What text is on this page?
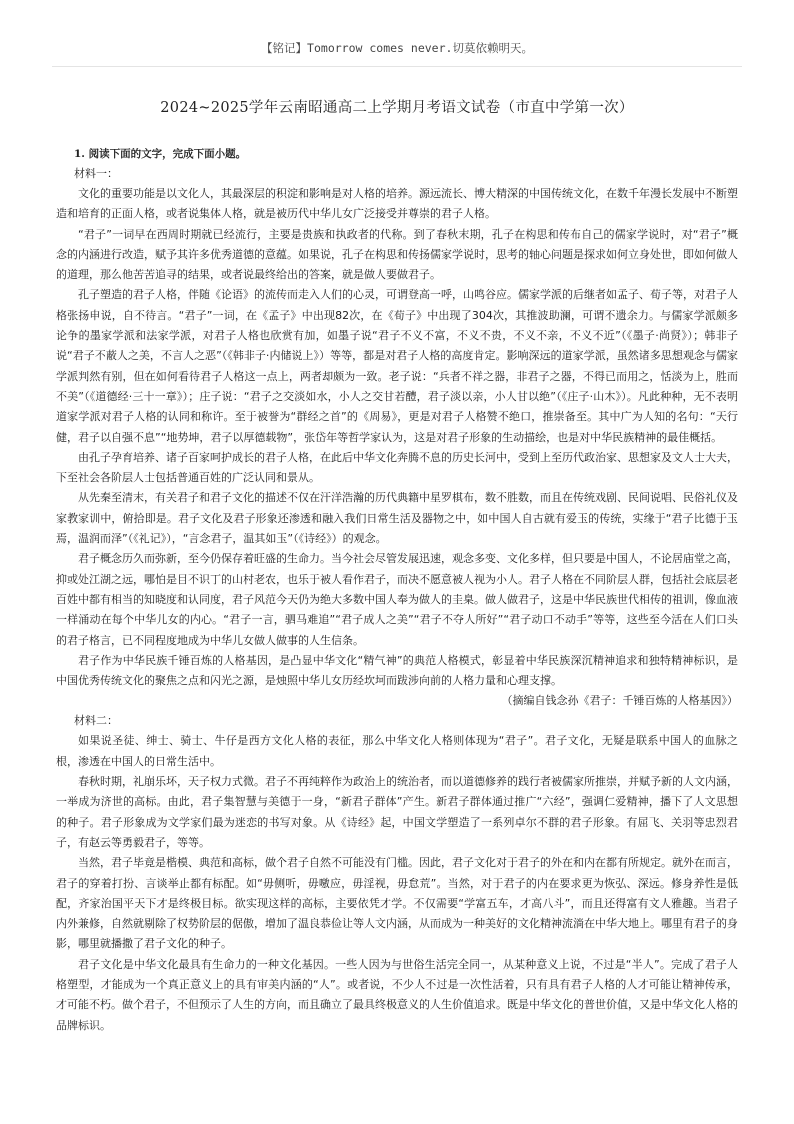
【铭记】Tomorrow comes never.切莫依赖明天。
2024~2025学年云南昭通高二上学期月考语文试卷（市直中学第一次）
1. 阅读下面的文字，完成下面小题。
材料一：

文化的重要功能是以文化人，其最深层的积淀和影响是对人格的培养。源远流长、博大精深的中国传统文化，在数千年漫长发展中不断塑造和培育的正面人格，或者说集体人格，就是被历代中华儿女广泛接受并尊崇的君子人格。

“君子”一词早在西周时期就已经流行，主要是贵族和执政者的代称。到了春秋末期，孔子在构思和传布自己的儒家学说时，对“君子”概念的内涵进行改造，赋予其许多优秀道德的意蕴。如果说，孔子在构思和传扬儒家学说时，思考的轴心问题是探求如何立身处世，即如何做人的道理，那么他苦苦追寻的结果，或者说最终给出的答案，就是做人要做君子。

孔子塑造的君子人格，伴随《论语》的流传而走入人们的心灵，可谓登高一呼，山鸣谷应。儒家学派的后继者如孟子、荀子等，对君子人格张扬申说，自不待言。“君子”一词，在《孟子》中出现82次，在《荀子》中出现了304次，其推波助澜，可谓不遗余力。与儒家学派颇多论争的墨家学派和法家学派，对君子人格也欣赏有加，如墨子说“君子不义不富，不义不贵，不义不亲，不义不近”（《墨子·尚贤》）；韩非子说“君子不蔽人之美，不言人之恶”（《韩非子·内储说上》）等等，都是对君子人格的高度肯定。影响深远的道家学派，虽然诸多思想观念与儒家学派判然有别，但在如何看待君子人格这一点上，两者却颇为一致。老子说：“兵者不祥之器，非君子之器，不得已而用之，恬淡为上，胜而不美”（《道德经·三十一章》）；庄子说：“君子之交淡如水，小人之交甘若醴，君子淡以亲，小人甘以绝”（《庄子·山木》）。凡此种种，无不表明道家学派对君子人格的认同和称许。至于被誉为“群经之首”的《周易》，更是对君子人格赞不绝口，推崇备至。其中广为人知的名句：“天行健，君子以自强不息”“地势坤，君子以厚德载物”，张岱年等哲学家认为，这是对君子形象的生动描绘，也是对中华民族精神的最佳概括。

由孔子孕育培养、诸子百家呵护成长的君子人格，在此后中华文化奔腾不息的历史长河中，受到上至历代政治家、思想家及文人士大夫，下至社会各阶层人士包括普通百姓的广泛认同和景从。

从先秦至清末，有关君子和君子文化的描述不仅在汗洋浩瀚的历代典籍中星罗棋布，数不胜数，而且在传统戏剧、民间说唱、民俗礼仪及家教家训中，俯拾即是。君子文化及君子形象还渗透和融入我们日常生活及器物之中，如中国人自古就有爱玉的传统，实缘于“君子比德于玉焉，温润而泽”（《礼记》），“言念君子，温其如玉”（《诗经》）的观念。

君子概念历久而弥新，至今仍保存着旺盛的生命力。当今社会尽管发展迅速，观念多变、文化多样，但只要是中国人，不论居庙堂之高，抑或处江湖之远，哪怕是目不识丁的山村老农，也乐于被人看作君子，而决不愿意被人视为小人。君子人格在不同阶层人群，包括社会底层老百姓中都有相当的知晓度和认同度，君子风范今天仍为绝大多数中国人奉为做人的圭臬。做人做君子，这是中华民族世代相传的祖训，像血液一样涌动在每个中华儿女的内心。“君子一言，驷马难追”“君子成人之美”“君子不夺人所好”“君子动口不动手”等等，这些至今活在人们口头的君子格言，已不同程度地成为中华儿女做人做事的人生信条。

君子作为中华民族千锤百炼的人格基因，是凸显中华文化“精气神”的典范人格模式，彰显着中华民族深沉精神追求和独特精神标识，是中国优秀传统文化的聚焦之点和闪光之源，是烛照中华儿女历经坎坷而跋涉向前的人格力量和心理支撑。

（摘编自钱念孙《君子：千锤百炼的人格基因》）
材料二：

如果说圣徒、绅士、骑士、牛仔是西方文化人格的表征，那么中华文化人格则体现为“君子”。君子文化，无疑是联系中国人的血脉之根，渗透在中国人的日常生活中。

春秋时期，礼崩乐坏，天子权力式微。君子不再纯粹作为政治上的统治者，而以道德修养的践行者被儒家所推崇，并赋予新的人文内涵，一举成为济世的高标。由此，君子集智慧与美德于一身，“新君子群体”产生。新君子群体通过推广“六经”，强调仁爱精神，播下了人文思想的种子。君子形象成为文学家们最为迷恋的书写对象。从《诗经》起，中国文学塑造了一系列卓尔不群的君子形象。有屈飞、关羽等忠烈君子，有赵云等勇毅君子，等等。

当然，君子毕竟是楷模、典范和高标，做个君子自然不可能没有门槛。因此，君子文化对于君子的外在和内在都有所规定。就外在而言，君子的穿着打扮、言谈举止都有标配。如“毋侧听，毋噭应，毋淫视，毋怠荒”。当然，对于君子的内在要求更为恢弘、深远。修身养性是低配，齐家治国平天下才是终极目标。欲实现这样的高标，主要依凭才学。不仅需要“学富五车，才高八斗”，而且还得富有文人雅趣。当君子内外兼修，自然就剔除了权势阶层的倨傲，增加了温良恭俭让等人文内涵，从而成为一种美好的文化精神流淌在中华大地上。哪里有君子的身影，哪里就播撒了君子文化的种子。

君子文化是中华文化最具有生命力的一种文化基因。一些人因为与世俗生活完全同一，从某种意义上说，不过是“半人”。完成了君子人格塑型，才能成为一个真正意义上的具有审美内涵的“人”。或者说，不少人不过是一次性活着，只有具有君子人格的人才可能让精神传承，才可能不朽。做个君子，不但预示了人生的方向，而且确立了最具终极意义的人生价值追求。既是中华文化的普世价值，又是中华文化人格的品牌标识。
